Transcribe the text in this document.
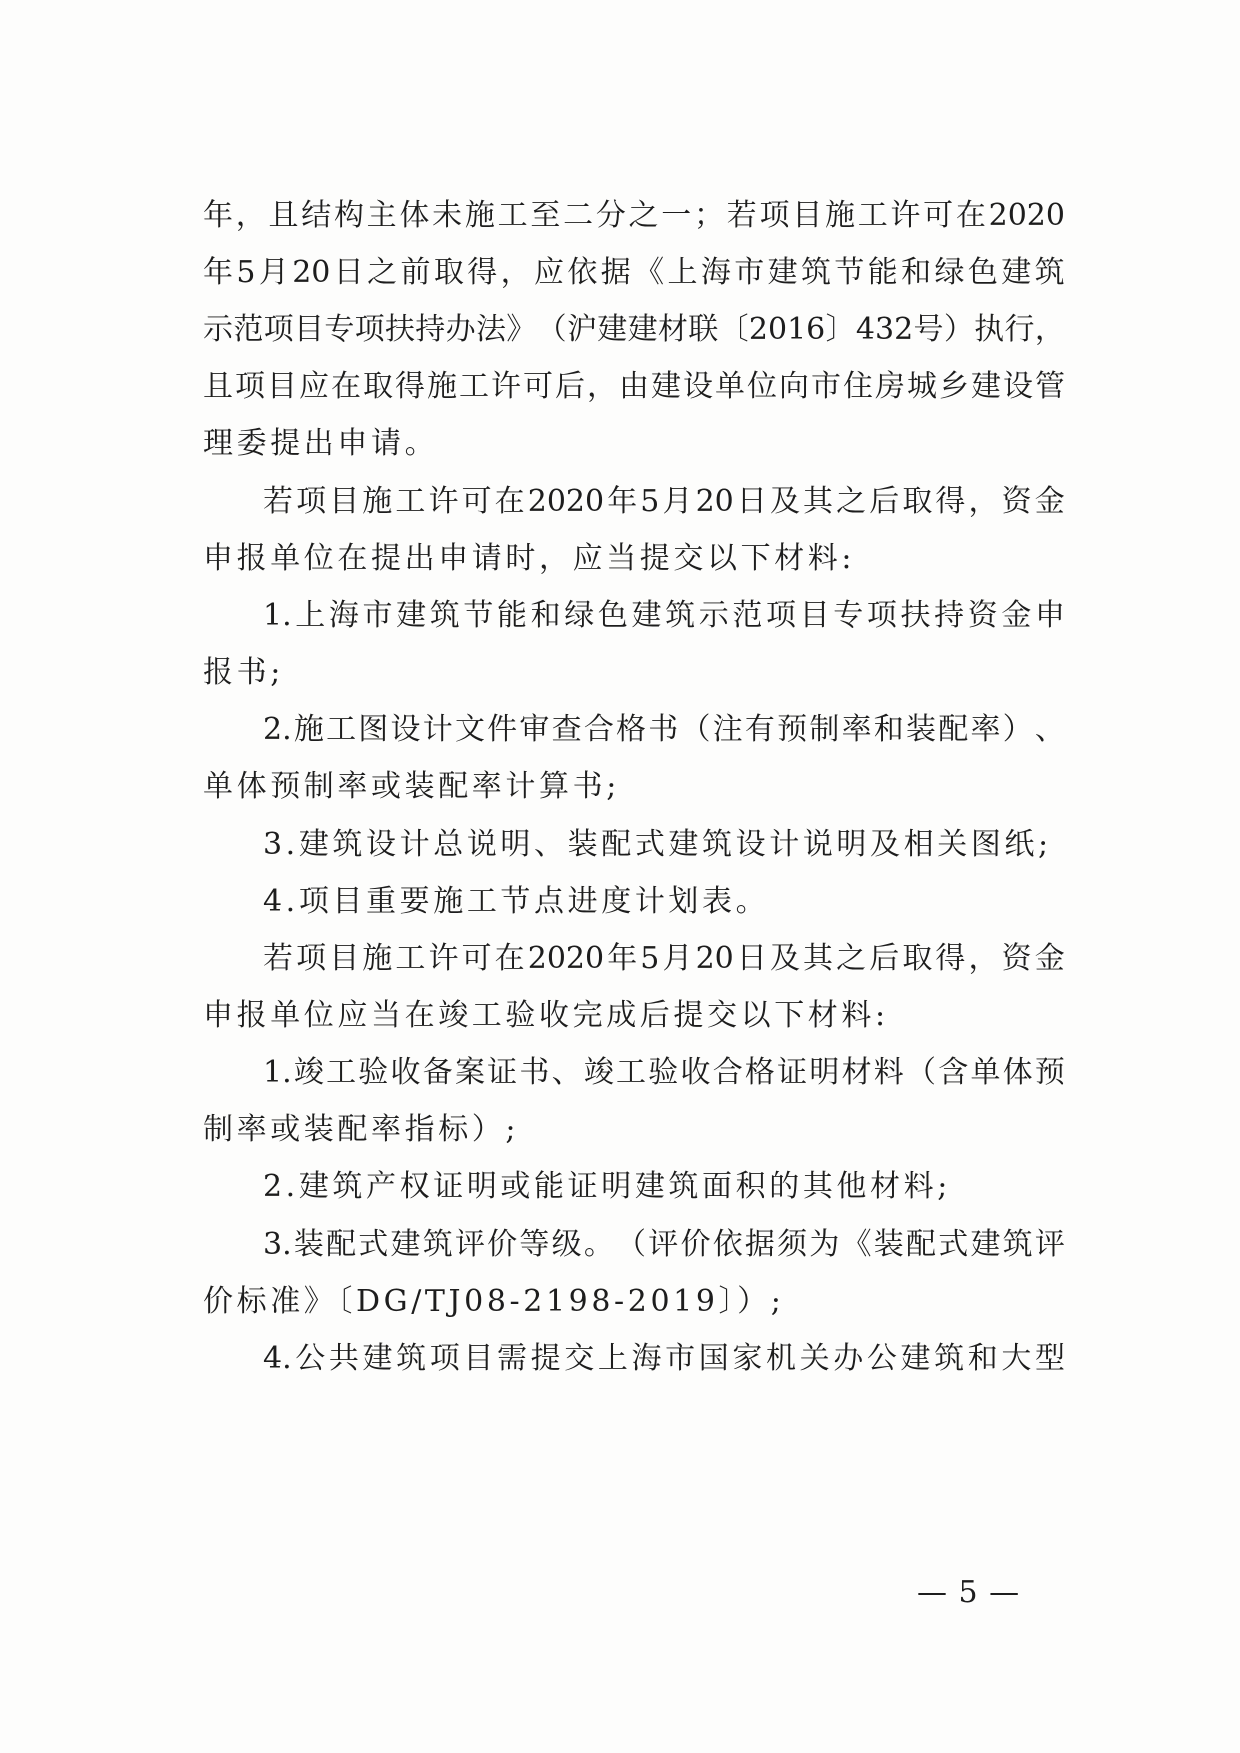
年 ， 且 结 构 主 体 未 施 工 至 二 分 之 一 ； 若 项 目 施 工 许 可 在 2020
年 5 月 20 日 之 前 取 得 ， 应 依 据 《 上 海 市 建 筑 节 能 和 绿 色 建 筑
示 范 项 目 专 项 扶 持 办 法 》 （ 沪 建 建 材 联 〔 2016 〕 432 号 ） 执 行 ，
且 项 目 应 在 取 得 施 工 许 可 后 ， 由 建 设 单 位 向 市 住 房 城 乡 建 设 管
理委提出申请。
若 项 目 施 工 许 可 在 2020 年 5 月 20 日 及 其 之 后 取 得 ， 资 金
申报单位在提出申请时，应当提交以下材料:
1. 上 海 市 建 筑 节 能 和 绿 色 建 筑 示 范 项 目 专 项 扶 持 资 金 申
报书;
2. 施 工 图 设 计 文 件 审 查 合 格 书 （ 注 有 预 制 率 和 装 配 率 ） 、
单体预制率或装配率计算书;
3.建筑设计总说明、装配式建筑设计说明及相关图纸;
4.项目重要施工节点进度计划表。
若 项 目 施 工 许 可 在 2020 年 5 月 20 日 及 其 之 后 取 得 ， 资 金
申报单位应当在竣工验收完成后提交以下材料:
1. 竣 工 验 收 备 案 证 书 、 竣 工 验 收 合 格 证 明 材 料 （ 含 单 体 预
制率或装配率指标）;
2.建筑产权证明或能证明建筑面积的其他材料;
3. 装 配 式 建 筑 评 价 等 级 。 （ 评 价 依 据 须 为 《 装 配 式 建 筑 评
价标准》〔DG/TJ08-2198-2019〕）;
4. 公 共 建 筑 项 目 需 提 交 上 海 市 国 家 机 关 办 公 建 筑 和 大 型
— 5 —
